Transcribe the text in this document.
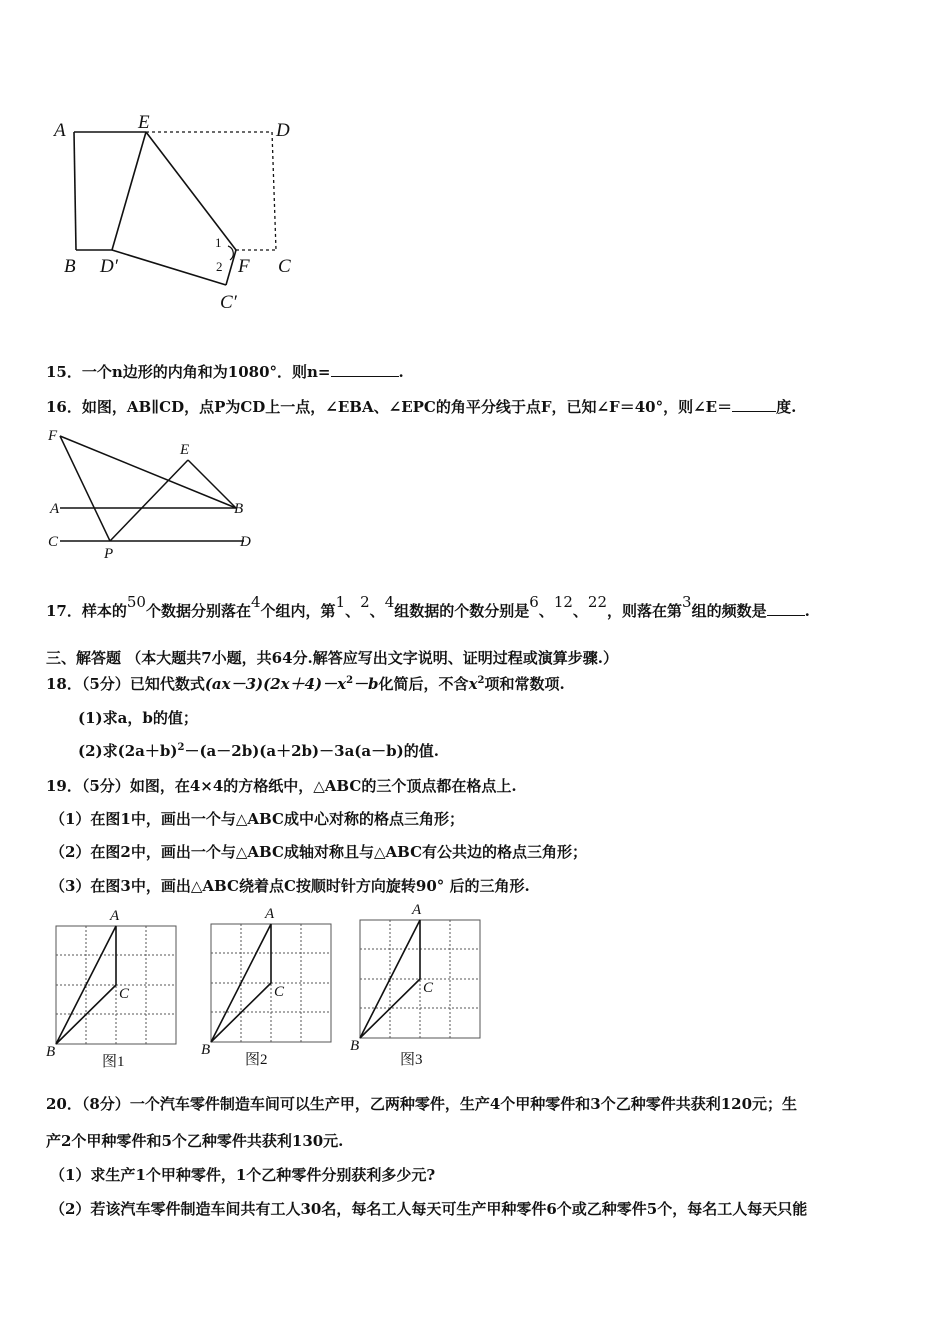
A	E	D
B D′
1
2 F C
C′
15．一个n边形的内角和为1080°．则n=	.
16．如图，AB∥CD，点P为CD上一点，∠EBA、∠EPC的角平分线于点F，已知∠F＝40°，则∠E＝	度.
F
E
A	B
C
P
D
17．样本的50个数据分别落在4个组内，第1、2、4组数据的个数分别是6、12、22，则落在第3组的频数是	.
三、解答题 （本大题共7小题，共64分.解答应写出文字说明、证明过程或演算步骤.）
18．（5分）已知代数式$(ax-3)(2x+4)-x^2-b$化简后，不含$x^2$项和常数项.
(1)求a，b的值；
(2)求$(2a+b)^2-(a-2b)(a+2b)-3a(a-b)$的值.
19．（5分）如图，在4×4的方格纸中，△ABC的三个顶点都在格点上.
（1）在图1中，画出一个与△ABC成中心对称的格点三角形；
（2）在图2中，画出一个与△ABC成轴对称且与△ABC有公共边的格点三角形；
（3）在图3中，画出△ABC绕着点C按顺时针方向旋转90° 后的三角形.
A
B
C
图1
A
B
C
图2
A
B
C
图3
20．（8分）一个汽车零件制造车间可以生产甲，乙两种零件，生产4个甲种零件和3个乙种零件共获利120元；生
产2个甲种零件和5个乙种零件共获利130元.
（1）求生产1个甲种零件，1个乙种零件分别获利多少元?
（2）若该汽车零件制造车间共有工人30名，每名工人每天可生产甲种零件6个或乙种零件5个，每名工人每天只能
